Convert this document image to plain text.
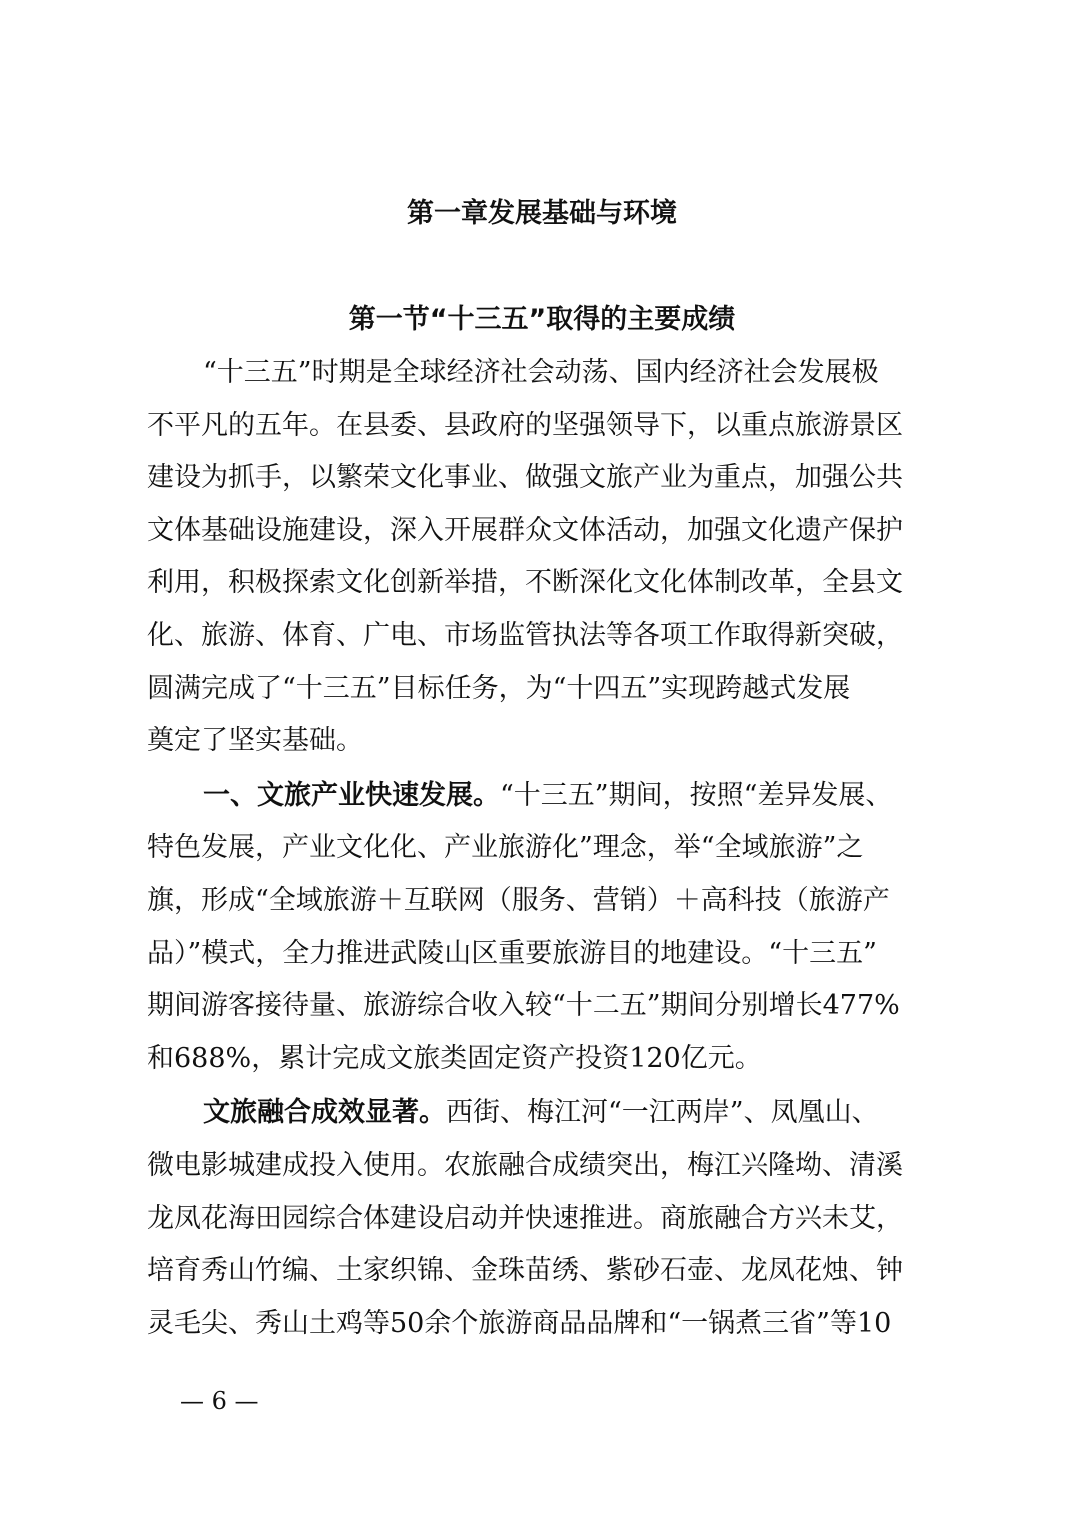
第一章发展基础与环境
第一节“十三五”取得的主要成绩
“十三五”时期是全球经济社会动荡、国内经济社会发展极
不平凡的五年。在县委、县政府的坚强领导下，以重点旅游景区
建设为抓手，以繁荣文化事业、做强文旅产业为重点，加强公共
文体基础设施建设，深入开展群众文体活动，加强文化遗产保护
利用，积极探索文化创新举措，不断深化文化体制改革，全县文
化、旅游、体育、广电、市场监管执法等各项工作取得新突破，
圆满完成了“十三五”目标任务，为“十四五”实现跨越式发展
奠定了坚实基础。
一、文旅产业快速发展。“十三五”期间，按照“差异发展、
特色发展，产业文化化、产业旅游化”理念，举“全域旅游”之
旗，形成“全域旅游＋互联网（服务、营销）＋高科技（旅游产
品）”模式，全力推进武陵山区重要旅游目的地建设。“十三五”
期间游客接待量、旅游综合收入较“十二五”期间分别增长477%
和688%，累计完成文旅类固定资产投资120亿元。
文旅融合成效显著。西街、梅江河“一江两岸”、凤凰山、
微电影城建成投入使用。农旅融合成绩突出，梅江兴隆坳、清溪
龙凤花海田园综合体建设启动并快速推进。商旅融合方兴未艾，
培育秀山竹编、土家织锦、金珠苗绣、紫砂石壶、龙凤花烛、钟
灵毛尖、秀山土鸡等50余个旅游商品品牌和“一锅煮三省”等10
— 6 —
